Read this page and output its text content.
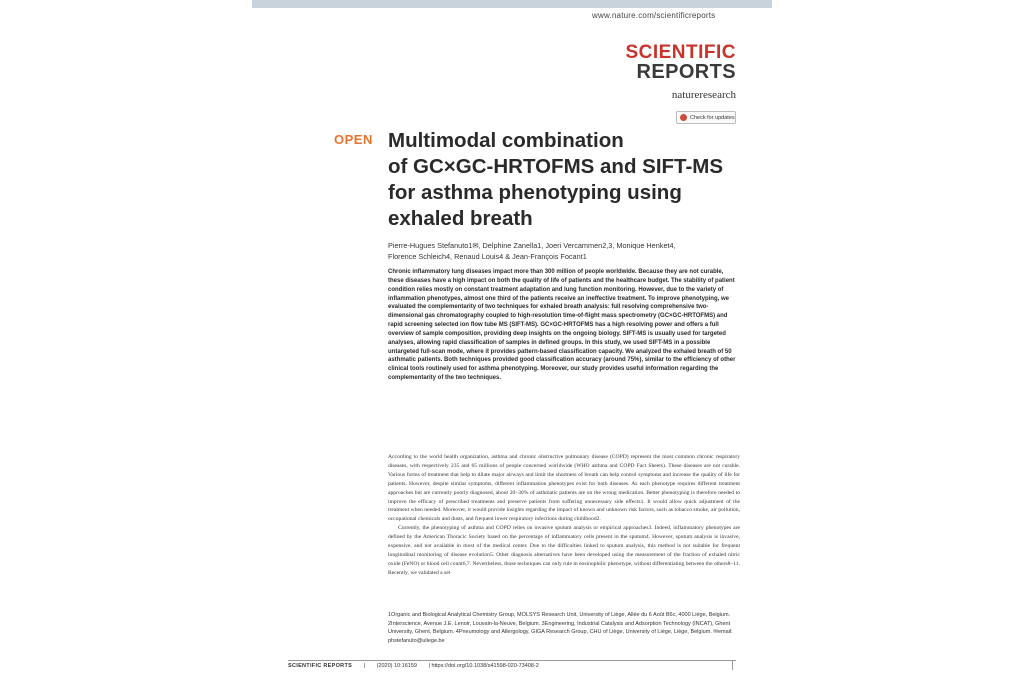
www.nature.com/scientificreports
SCIENTIFIC
REPORTS
natureresearch
Check for updates
OPEN Multimodal combination
of GC×GC-HRTOFMS and SIFT-MS
for asthma phenotyping using
exhaled breath
Pierre-Hugues Stefanuto1✉, Delphine Zanella1, Joeri Vercammen2,3, Monique Henket4,
Florence Schleich4, Renaud Louis4 & Jean-François Focant1
Chronic inflammatory lung diseases impact more than 300 million of people worldwide. Because they are not curable, these diseases have a high impact on both the quality of life of patients and the healthcare budget. The stability of patient condition relies mostly on constant treatment adaptation and lung function monitoring. However, due to the variety of inflammation phenotypes, almost one third of the patients receive an ineffective treatment. To improve phenotyping, we evaluated the complementarity of two techniques for exhaled breath analysis: full resolving comprehensive two-dimensional gas chromatography coupled to high-resolution time-of-flight mass spectrometry (GC×GC-HRTOFMS) and rapid screening selected ion flow tube MS (SIFT-MS). GC×GC-HRTOFMS has a high resolving power and offers a full overview of sample composition, providing deep insights on the ongoing biology. SIFT-MS is usually used for targeted analyses, allowing rapid classification of samples in defined groups. In this study, we used SIFT-MS in a possible untargeted full-scan mode, where it provides pattern-based classification capacity. We analyzed the exhaled breath of 50 asthmatic patients. Both techniques provided good classification accuracy (around 75%), similar to the efficiency of other clinical tools routinely used for asthma phenotyping. Moreover, our study provides useful information regarding the complementarity of the two techniques.

According to the world health organization, asthma and chronic obstructive pulmonary disease (COPD) represent the most common chronic respiratory diseases, with respectively 235 and 65 millions of people concerned worldwide (WHO asthma and COPD Fact Sheets). These diseases are not curable. Various forms of treatment that help to dilate major airways and limit the shortness of breath can help control symptoms and increase the quality of life for patients. However, despite similar symptoms, different inflammation phenotypes exist for both diseases. As each phenotype requires different treatment approaches but are currently poorly diagnosed, about 20–30% of asthmatic patients are on the wrong medication. Better phenotyping is therefore needed to improve the efficacy of prescribed treatments and preserve patients from suffering unnecessary side effects1. It would allow quick adjustment of the treatment when needed. Moreover, it would provide insights regarding the impact of known and unknown risk factors, such as tobacco smoke, air pollution, occupational chemicals and dusts, and frequent lower respiratory infections during childhood2.

Currently, the phenotyping of asthma and COPD relies on invasive sputum analysis or empirical approaches3. Indeed, inflammatory phenotypes are defined by the American Thoracic Society based on the percentage of inflammatory cells present in the sputum4. However, sputum analysis is invasive, expensive, and not available in most of the medical center. Due to the difficulties linked to sputum analysis, this method is not suitable for frequent longitudinal monitoring of disease evolution5. Other diagnosis alternatives have been developed using the measurement of the fraction of exhaled nitric oxide (FeNO) or blood cell count6,7. Nevertheless, those techniques can only rule in eosinophilic phenotype, without differentiating between the others8–11. Recently, we validated a set

1Organic and Biological Analytical Chemistry Group, MOLSYS Research Unit, University of Liège, Allée du 6 Août B6c, 4000 Liège, Belgium. 2Interscience, Avenue J.E. Lenoir, Louvain-la-Neuve, Belgium. 3Engineering, Industrial Catalysis and Adsorption Technology (INCAT), Ghent University, Ghent, Belgium. 4Pneumology and Allergology, GIGA Research Group, CHU of Liège, University of Liège, Liège, Belgium. ✉email: phstefanuto@uliege.be
SCIENTIFIC REPORTS | (2020) 10:16159 | https://doi.org/10.1038/s41598-020-73408-2
